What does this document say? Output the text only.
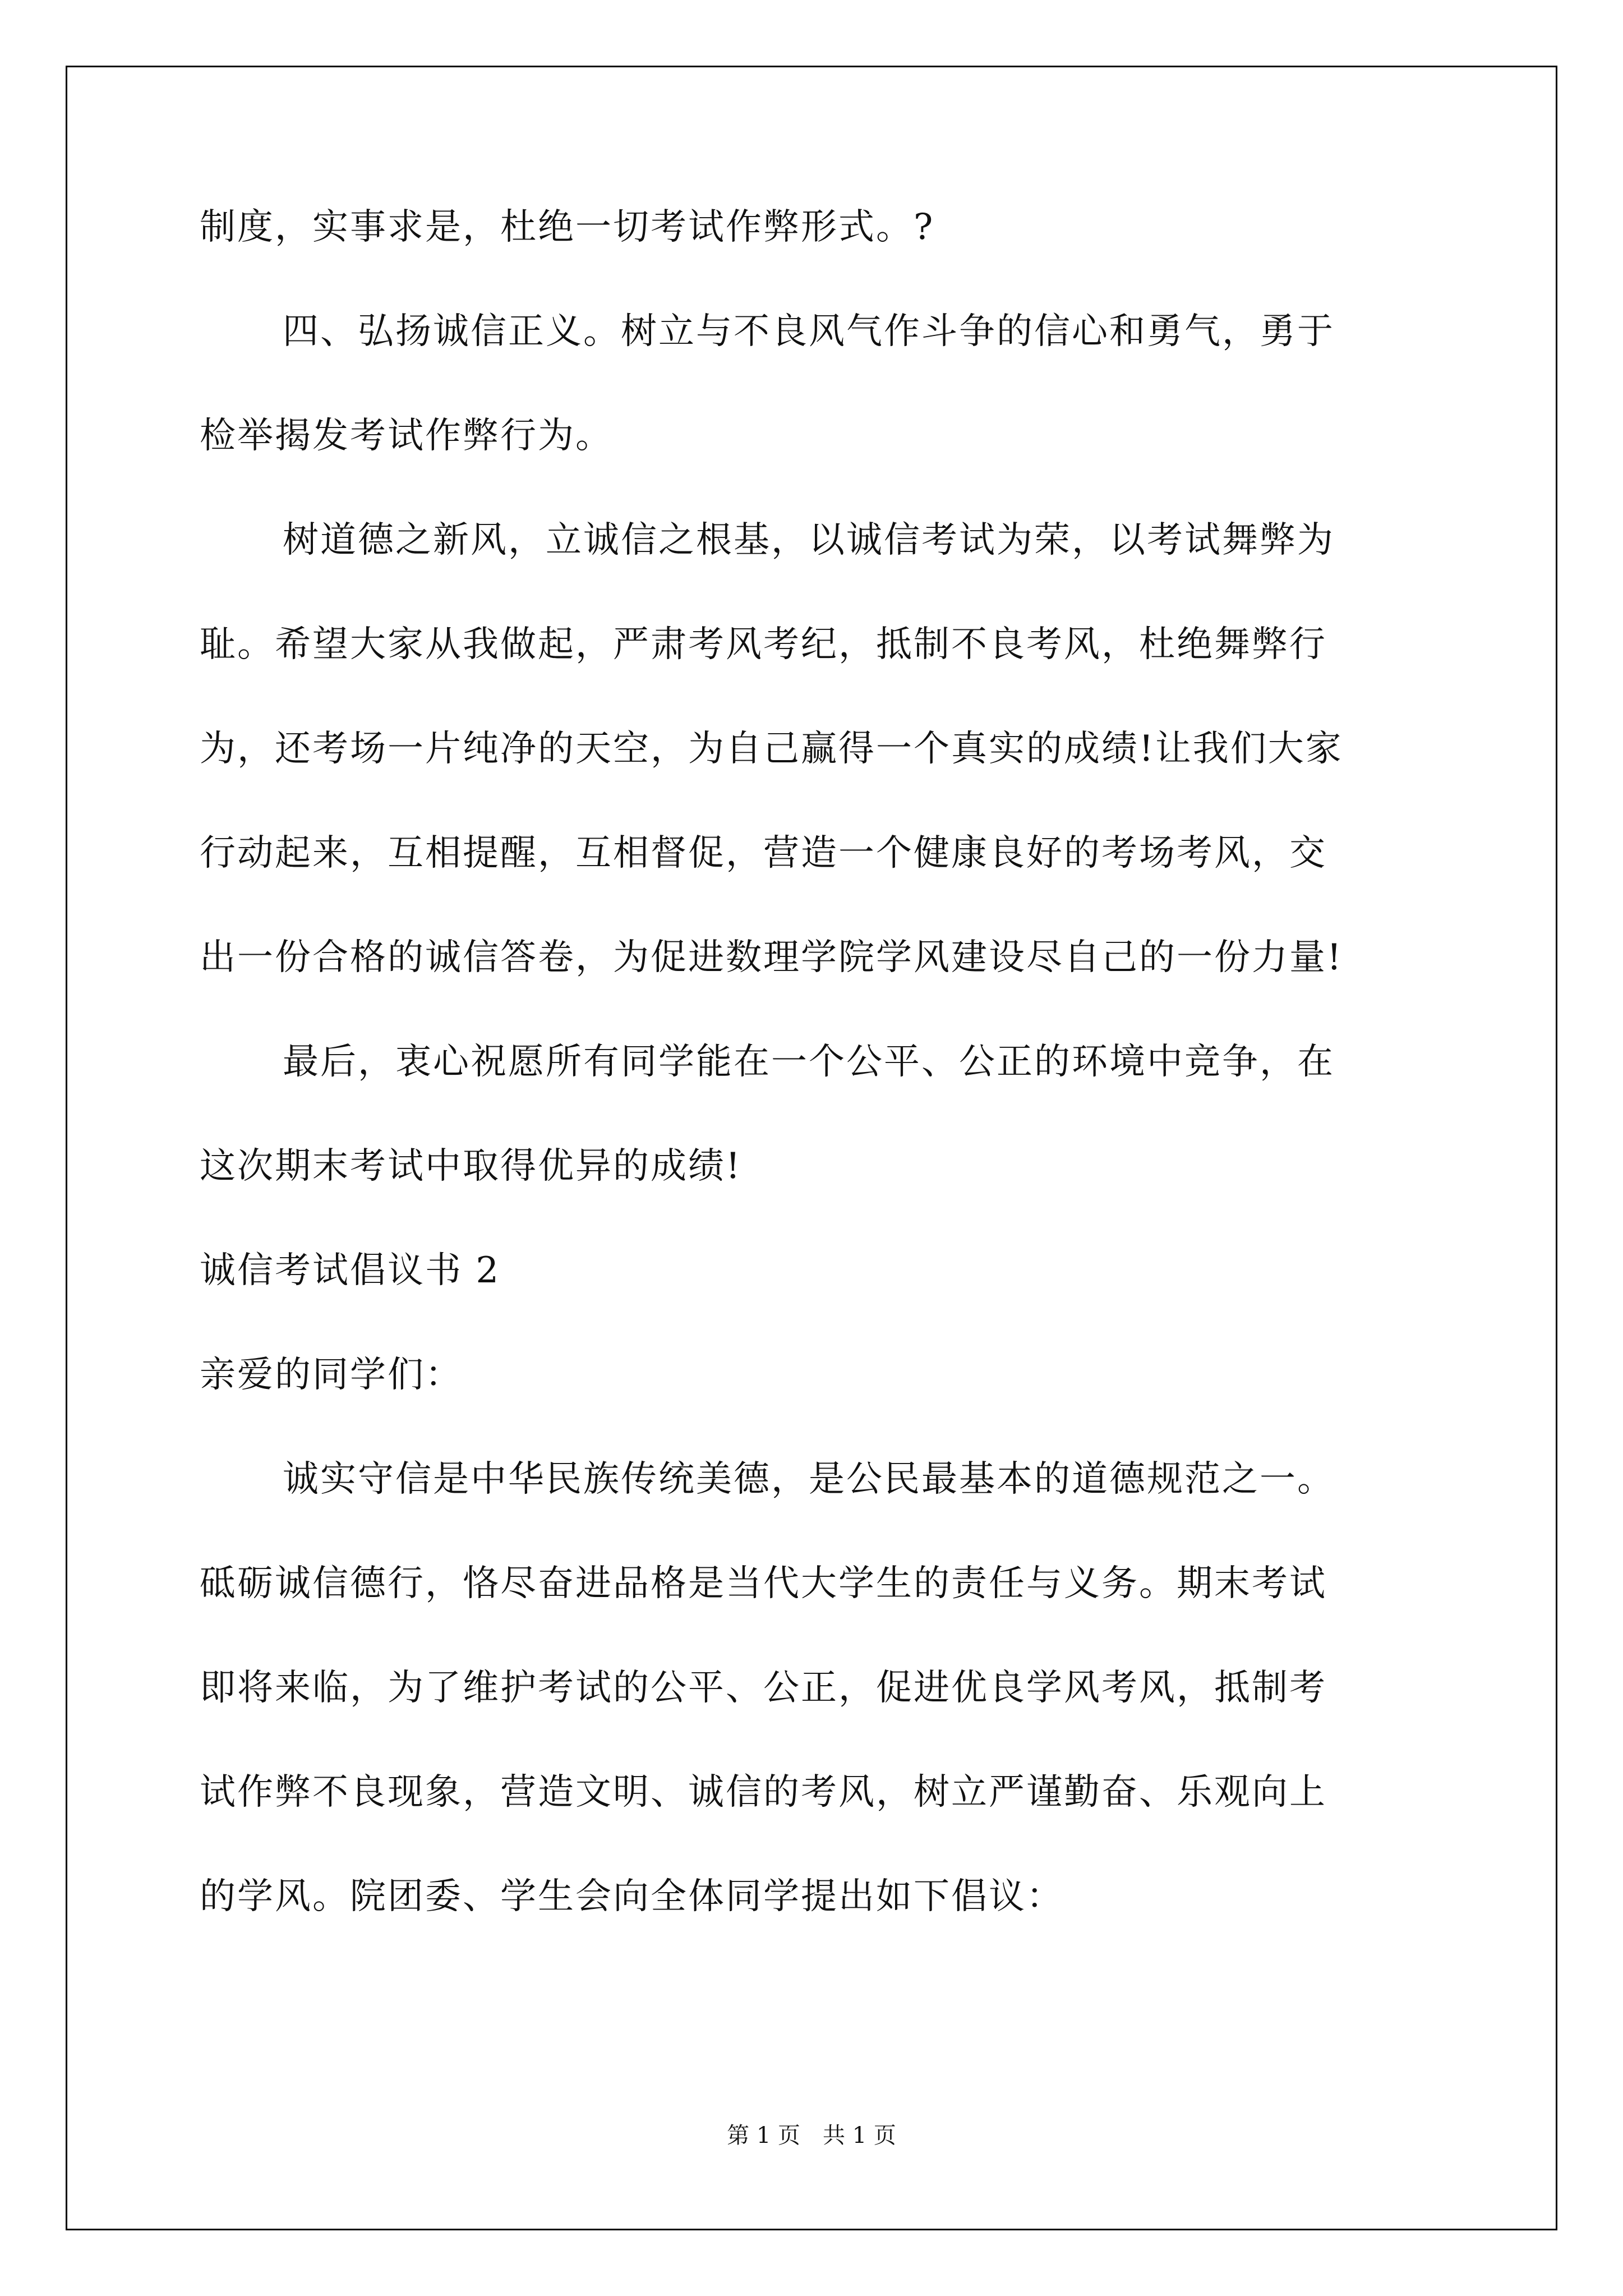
制度，实事求是，杜绝一切考试作弊形式。?
四、弘扬诚信正义。树立与不良风气作斗争的信心和勇气，勇于
检举揭发考试作弊行为。
树道德之新风，立诚信之根基，以诚信考试为荣，以考试舞弊为
耻。希望大家从我做起，严肃考风考纪，抵制不良考风，杜绝舞弊行
为，还考场一片纯净的天空，为自己赢得一个真实的成绩!让我们大家
行动起来，互相提醒，互相督促，营造一个健康良好的考场考风，交
出一份合格的诚信答卷，为促进数理学院学风建设尽自己的一份力量!
最后，衷心祝愿所有同学能在一个公平、公正的环境中竞争，在
这次期末考试中取得优异的成绩!
诚信考试倡议书 2
亲爱的同学们：
诚实守信是中华民族传统美德，是公民最基本的道德规范之一。
砥砺诚信德行，恪尽奋进品格是当代大学生的责任与义务。期末考试
即将来临，为了维护考试的公平、公正，促进优良学风考风，抵制考
试作弊不良现象，营造文明、诚信的考风，树立严谨勤奋、乐观向上
的学风。院团委、学生会向全体同学提出如下倡议：
第 1 页　共 1 页
